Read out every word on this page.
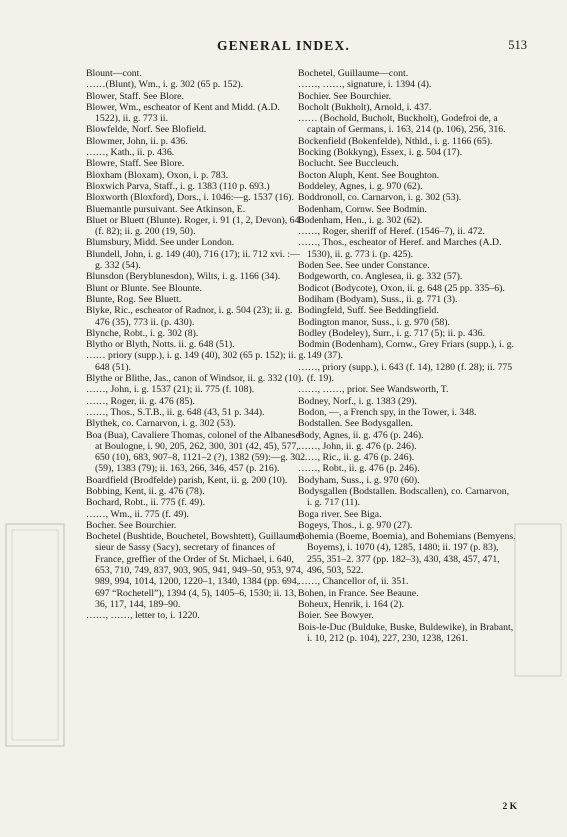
GENERAL INDEX.	513

Blount—cont.

……(Blunt), Wm., i. g. 302 (65 p. 152).

Blower, Staff. See Blore.

Blower, Wm., escheator of Kent and Midd. (A.D. 1522), ii. g. 773 ii.

Blowfelde, Norf. See Blofield.

Blowmer, John, ii. p. 436.

……, Kath., ii. p. 436.

Blowre, Staff. See Blore.

Bloxham (Bloxam), Oxon, i. p. 783.

Bloxwich Parva, Staff., i. g. 1383 (110 p. 693.)

Bloxworth (Bloxford), Dors., i. 1046:—g. 1537 (16).

Bluemantle pursuivant. See Atkinson, E.

Bluet or Bluett (Blunte). Roger, i. 91 (1, 2, Devon), 643 (f. 82); ii. g. 200 (19, 50).

Blumsbury, Midd. See under London.

Blundell, John, i. g. 149 (40), 716 (17); ii. 712 xvi. :—g. 332 (54).

Blunsdon (Beryblunesdon), Wilts, i. g. 1166 (34).

Blunt or Blunte. See Blounte.

Blunte, Rog. See Bluett.

Blyke, Ric., escheator of Radnor, i. g. 504 (23); ii. g. 476 (35), 773 ii. (p. 430).

Blynche, Robt., i. g. 302 (8).

Blytho or Blyth, Notts. ii. g. 648 (51).

…… priory (supp.), i. g. 149 (40), 302 (65 p. 152); ii. g. 648 (51).

Blythe or Blithe, Jas., canon of Windsor, ii. g. 332 (10).

……, John, i. g. 1537 (21); ii. 775 (f. 108).

……, Roger, ii. g. 476 (85).

……, Thos., S.T.B., ii. g. 648 (43, 51 p. 344).

Blythek, co. Carnarvon, i. g. 302 (53).

Boa (Bua), Cavaliere Thomas, colonel of the Albanese at Boulogne, i. 90, 205, 262, 300, 301 (42, 45), 577, 650 (10), 683, 907–8, 1121–2 (?), 1382 (59):—g. 302 (59), 1383 (79); ii. 163, 266, 346, 457 (p. 216).

Boardfield (Brodfelde) parish, Kent, ii. g. 200 (10).

Bobbing, Kent, ii. g. 476 (78).

Bochard, Robt., ii. 775 (f. 49).

……, Wm., ii. 775 (f. 49).

Bocher. See Bourchier.

Bochetel (Bushtide, Bouchetel, Bowshtett), Guillaume, sieur de Sassy (Sacy), secretary of finances of France, greffier of the Order of St. Michael, i. 640, 653, 710, 749, 837, 903, 905, 941, 949–50, 953, 974, 989, 994, 1014, 1200, 1220–1, 1340, 1384 (pp. 694, 697 “Rochetell”), 1394 (4, 5), 1405–6, 1530; ii. 13, 36, 117, 144, 189–90.

……, ……, letter to, i. 1220.

Bochetel, Guillaume—cont.

……, ……, signature, i. 1394 (4).

Bochier. See Bourchier.

Bocholt (Bukholt), Arnold, i. 437.

…… (Bochold, Bucholt, Buckholt), Godefroi de, a captain of Germans, i. 163, 214 (p. 106), 256, 316.

Bockenfield (Bokenfelde), Nthld., i. g. 1166 (65).

Bocking (Bokkyng), Essex, i. g. 504 (17).

Boclucht. See Buccleuch.

Bocton Aluph, Kent. See Boughton.

Boddeley, Agnes, i. g. 970 (62).

Boddronoll, co. Carnarvon, i. g. 302 (53).

Bodenham, Cornw. See Bodmin.

Bodenham, Hen., i. g. 302 (62).

……, Roger, sheriff of Heref. (1546–7), ii. 472.

……, Thos., escheator of Heref. and Marches (A.D. 1530), ii. g. 773 i. (p. 425).

Boden See. See under Constance.

Bodgeworth, co. Anglesea, ii. g. 332 (57).

Bodicot (Bodycote), Oxon, ii. g. 648 (25 pp. 335–6).

Bodiham (Bodyam), Suss., ii. g. 771 (3).

Bodingfeld, Suff. See Beddingfield.

Bodington manor, Suss., i. g. 970 (58).

Bodley (Bodeley), Surr., i. g. 717 (5); ii. p. 436.

Bodmin (Bodenham), Cornw., Grey Friars (supp.), i. g. 149 (37).

……, priory (supp.), i. 643 (f. 14), 1280 (f. 28); ii. 775 (f. 19).

……, ……, prior. See Wandsworth, T.

Bodney, Norf., i. g. 1383 (29).

Bodon, —, a French spy, in the Tower, i. 348.

Bodstallen. See Bodysgallen.

Body, Agnes, ii. g. 476 (p. 246).

……, John, ii. g. 476 (p. 246).

……, Ric., ii. g. 476 (p. 246).

……, Robt., ii. g. 476 (p. 246).

Bodyham, Suss., i. g. 970 (60).

Bodysgallen (Bodstallen. Bodscallen), co. Carnarvon, i. g. 717 (11).

Boga river. See Biga.

Bogeys, Thos., i. g. 970 (27).

Bohemia (Boeme, Boemia), and Bohemians (Bemyens, Boyems), i. 1070 (4), 1285, 1480; ii. 197 (p. 83), 255, 351–2. 377 (pp. 182–3), 430, 438, 457, 471, 496, 503, 522.

……, Chancellor of, ii. 351.

Bohen, in France. See Beaune.

Boheux, Henrik, i. 164 (2).

Boier. See Bowyer.

Bois-le-Duc (Bulduke, Buske, Buldewike), in Brabant, i. 10, 212 (p. 104), 227, 230, 1238, 1261.

2 K
